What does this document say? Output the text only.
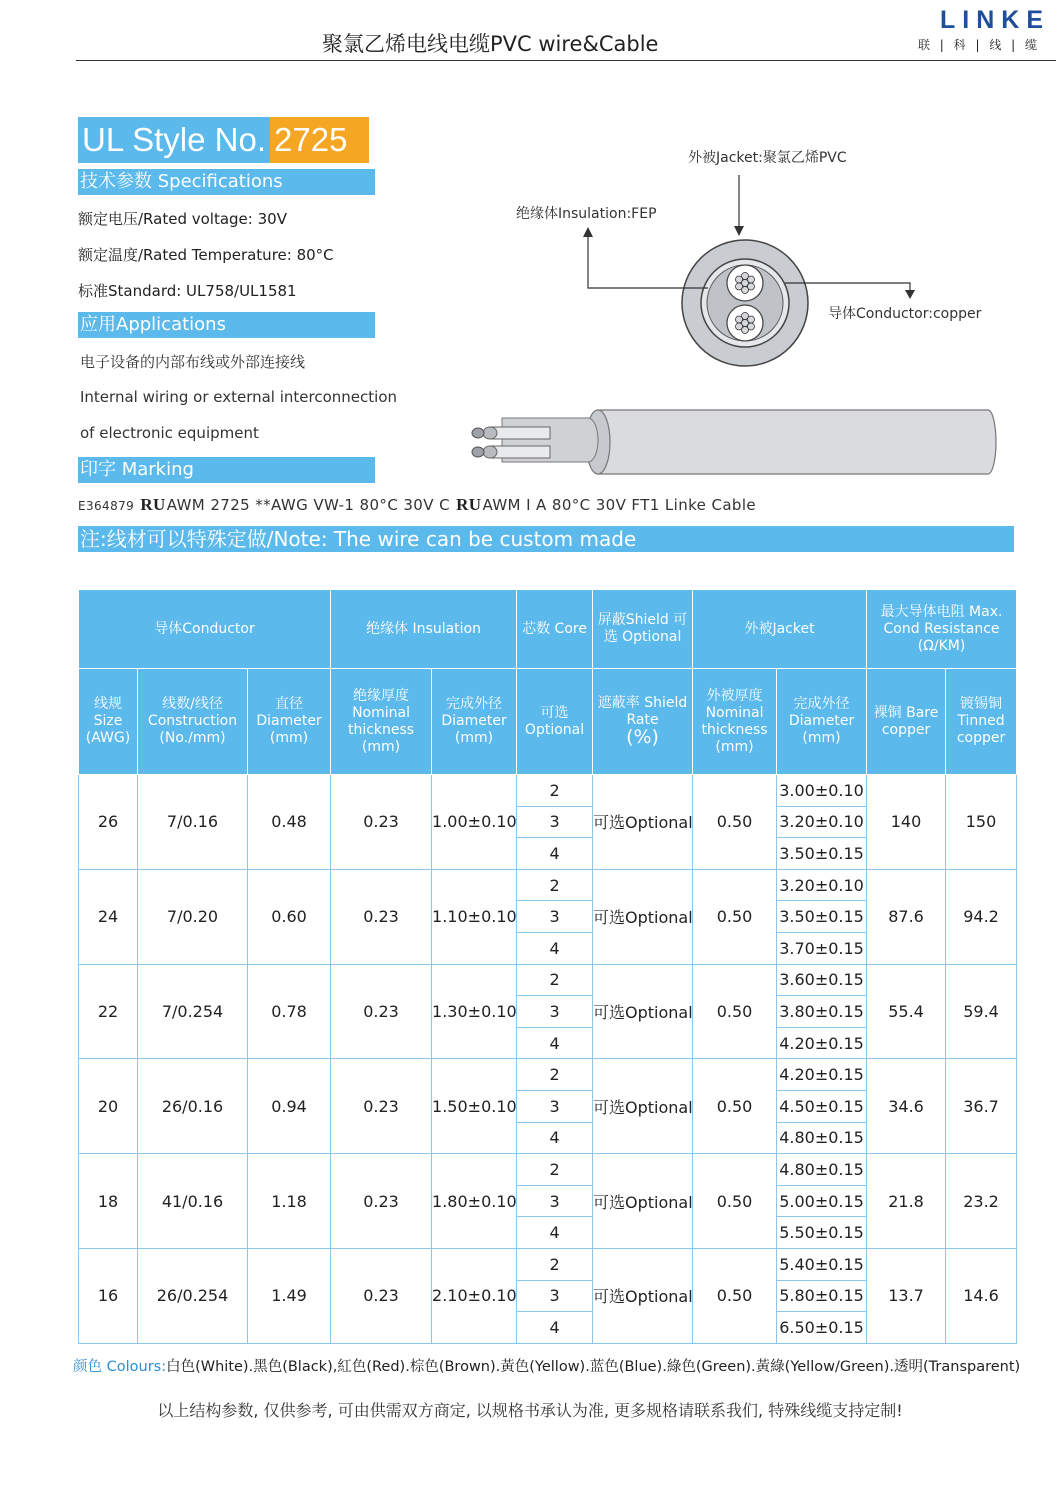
聚氯乙烯电线电缆PVC wire&Cable
LINKE
联 | 科 | 线 | 缆
UL Style No. 2725
技术参数 Specifications
额定电压/Rated voltage: 30V
额定温度/Rated Temperature: 80°C
标准Standard: UL758/UL1581
应用Applications
电子设备的内部布线或外部连接线
Internal wiring or external interconnection
of electronic equipment
印字 Marking
E364879 RUAWM 2725 **AWG VW-1 80°C 30V C RUAWM I A 80°C 30V FT1 Linke Cable
注:线材可以特殊定做/Note: The wire can be custom made
外被Jacket:聚氯乙烯PVC
绝缘体Insulation:FEP
导体Conductor:copper
导体Conductor			绝缘体 Insulation		芯数 Core	屏蔽Shield 可选 Optional	外被Jacket		最大导体电阻 Max. Cond Resistance (Ω/KM)	
线规 Size (AWG)	线数/线径 Construction (No./mm)	直径 Diameter (mm)	绝缘厚度 Nominal thickness (mm)	完成外径 Diameter (mm)	可选 Optional	遮蔽率 Shield Rate
(%)	外被厚度 Nominal thickness (mm)	完成外径 Diameter (mm)	裸铜 Bare copper	镀锡铜 Tinned copper
26	7/0.16	0.48	0.23	1.00±0.10	2	可选Optional	0.50	3.00±0.10	140	150
					3			3.20±0.10		
					4			3.50±0.15		
24	7/0.20	0.60	0.23	1.10±0.10	2	可选Optional	0.50	3.20±0.10	87.6	94.2
					3			3.50±0.15		
					4			3.70±0.15		
22	7/0.254	0.78	0.23	1.30±0.10	2	可选Optional	0.50	3.60±0.15	55.4	59.4
					3			3.80±0.15		
					4			4.20±0.15		
20	26/0.16	0.94	0.23	1.50±0.10	2	可选Optional	0.50	4.20±0.15	34.6	36.7
					3			4.50±0.15		
					4			4.80±0.15		
18	41/0.16	1.18	0.23	1.80±0.10	2	可选Optional	0.50	4.80±0.15	21.8	23.2
					3			5.00±0.15		
					4			5.50±0.15		
16	26/0.254	1.49	0.23	2.10±0.10	2	可选Optional	0.50	5.40±0.15	13.7	14.6
					3			5.80±0.15		
					4			6.50±0.15		
颜色 Colours:白色(White).黑色(Black),紅色(Red).棕色(Brown).黃色(Yellow).蓝色(Blue).綠色(Green).黃綠(Yellow/Green).透明(Transparent)
以上结构参数, 仅供参考, 可由供需双方商定, 以规格书承认为准, 更多规格请联系我们, 特殊线缆支持定制!
